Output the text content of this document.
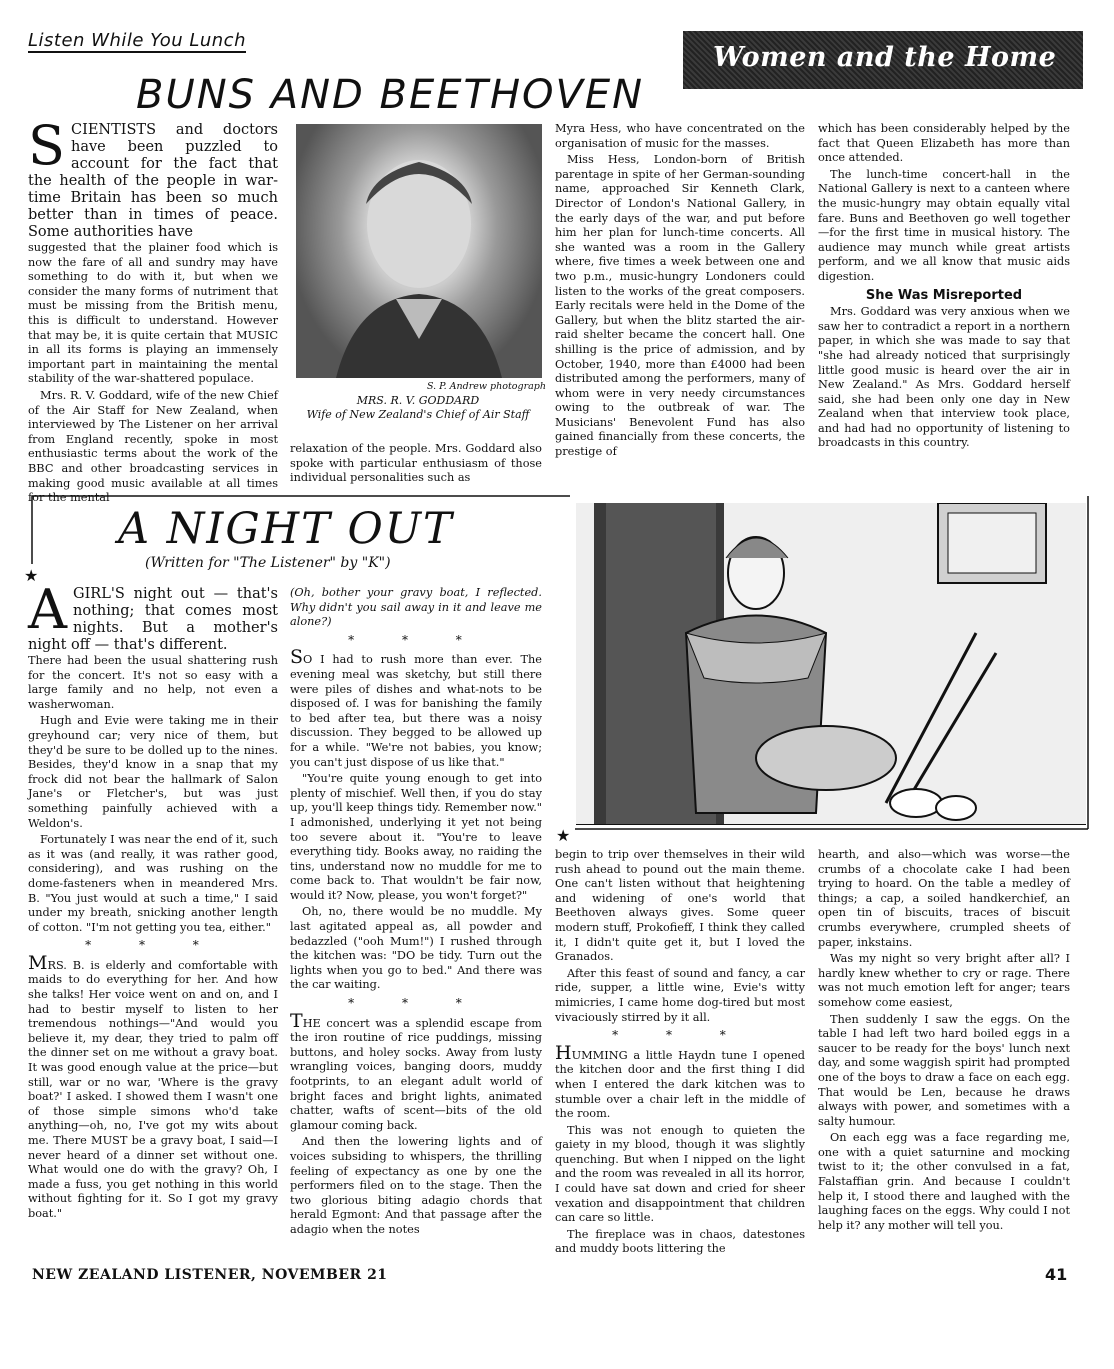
Listen While You Lunch
Women and the Home
BUNS AND BEETHOVEN
SCIENTISTS and doctors have been puzzled to account for the fact that the health of the people in war-time Britain has been so much better than in times of peace. Some authorities have

suggested that the plainer food which is now the fare of all and sundry may have something to do with it, but when we consider the many forms of nutriment that must be missing from the British menu, this is difficult to understand. However that may be, it is quite certain that MUSIC in all its forms is playing an immensely important part in maintaining the mental stability of the war-shattered populace.

Mrs. R. V. Goddard, wife of the new Chief of the Air Staff for New Zealand, when interviewed by The Listener on her arrival from England recently, spoke in most enthusiastic terms about the work of the BBC and other broadcasting services in making good music available at all times for the mental

S. P. Andrew photograph
MRS. R. V. GODDARD
Wife of New Zealand's Chief of Air Staff

relaxation of the people. Mrs. Goddard also spoke with particular enthusiasm of those individual personalities such as

Myra Hess, who have concentrated on the organisation of music for the masses.

Miss Hess, London-born of British parentage in spite of her German-sounding name, approached Sir Kenneth Clark, Director of London's National Gallery, in the early days of the war, and put before him her plan for lunch-time concerts. All she wanted was a room in the Gallery where, five times a week between one and two p.m., music-hungry Londoners could listen to the works of the great composers. Early recitals were held in the Dome of the Gallery, but when the blitz started the air-raid shelter became the concert hall. One shilling is the price of admission, and by October, 1940, more than £4000 had been distributed among the performers, many of whom were in very needy circumstances owing to the outbreak of war. The Musicians' Benevolent Fund has also gained financially from these concerts, the prestige of

which has been considerably helped by the fact that Queen Elizabeth has more than once attended.

The lunch-time concert-hall in the National Gallery is next to a canteen where the music-hungry may obtain equally vital fare. Buns and Beethoven go well together—for the first time in musical history. The audience may munch while great artists perform, and we all know that music aids digestion.

She Was Misreported

Mrs. Goddard was very anxious when we saw her to contradict a report in a northern paper, in which she was made to say that "she had already noticed that surprisingly little good music is heard over the air in New Zealand." As Mrs. Goddard herself said, she had been only one day in New Zealand when that interview took place, and had had no opportunity of listening to broadcasts in this country.

A NIGHT OUT
(Written for "The Listener" by "K")
★
★
AGIRL'S night out — that's nothing; that comes most nights. But a mother's night off — that's different.

There had been the usual shattering rush for the concert. It's not so easy with a large family and no help, not even a washerwoman.

Hugh and Evie were taking me in their greyhound car; very nice of them, but they'd be sure to be dolled up to the nines. Besides, they'd know in a snap that my frock did not bear the hallmark of Salon Jane's or Fletcher's, but was just something painfully achieved with a Weldon's.

Fortunately I was near the end of it, such as it was (and really, it was rather good, considering), and was rushing on the dome-fasteners when in meandered Mrs. B. "You just would at such a time," I said under my breath, snicking another length of cotton. "I'm not getting you tea, either."

* * *

MRS. B. is elderly and comfortable with maids to do everything for her. And how she talks! Her voice went on and on, and I had to bestir myself to listen to her tremendous nothings—"And would you believe it, my dear, they tried to palm off the dinner set on me without a gravy boat. It was good enough value at the price—but still, war or no war, 'Where is the gravy boat?' I asked. I showed them I wasn't one of those simple simons who'd take anything—oh, no, I've got my wits about me. There MUST be a gravy boat, I said—I never heard of a dinner set without one. What would one do with the gravy? Oh, I made a fuss, you get nothing in this world without fighting for it. So I got my gravy boat."

(Oh, bother your gravy boat, I reflected. Why didn't you sail away in it and leave me alone?)

* * *

SO I had to rush more than ever. The evening meal was sketchy, but still there were piles of dishes and what-nots to be disposed of. I was for banishing the family to bed after tea, but there was a noisy discussion. They begged to be allowed up for a while. "We're not babies, you know; you can't just dispose of us like that."

"You're quite young enough to get into plenty of mischief. Well then, if you do stay up, you'll keep things tidy. Remember now." I admonished, underlying it yet not being too severe about it. "You're to leave everything tidy. Books away, no raiding the tins, understand now no muddle for me to come back to. That wouldn't be fair now, would it? Now, please, you won't forget?"

Oh, no, there would be no muddle. My last agitated appeal as, all powder and bedazzled ("ooh Mum!") I rushed through the kitchen was: "DO be tidy. Turn out the lights when you go to bed." And there was the car waiting.

* * *

THE concert was a splendid escape from the iron routine of rice puddings, missing buttons, and holey socks. Away from lusty wrangling voices, banging doors, muddy footprints, to an elegant adult world of bright faces and bright lights, animated chatter, wafts of scent—bits of the old glamour coming back.

And then the lowering lights and of voices subsiding to whispers, the thrilling feeling of expectancy as one by one the performers filed on to the stage. Then the two glorious biting adagio chords that herald Egmont: And that passage after the adagio when the notes

begin to trip over themselves in their wild rush ahead to pound out the main theme. One can't listen without that heightening and widening of one's world that Beethoven always gives. Some queer modern stuff, Prokofieff, I think they called it, I didn't quite get it, but I loved the Granados.

After this feast of sound and fancy, a car ride, supper, a little wine, Evie's witty mimicries, I came home dog-tired but most vivaciously stirred by it all.

* * *

HUMMING a little Haydn tune I opened the kitchen door and the first thing I did when I entered the dark kitchen was to stumble over a chair left in the middle of the room.

This was not enough to quieten the gaiety in my blood, though it was slightly quenching. But when I nipped on the light and the room was revealed in all its horror, I could have sat down and cried for sheer vexation and disappointment that children can care so little.

The fireplace was in chaos, datestones and muddy boots littering the

hearth, and also—which was worse—the crumbs of a chocolate cake I had been trying to hoard. On the table a medley of things; a cap, a soiled handkerchief, an open tin of biscuits, traces of biscuit crumbs everywhere, crumpled sheets of paper, inkstains.

Was my night so very bright after all? I hardly knew whether to cry or rage. There was not much emotion left for anger; tears somehow come easiest,

Then suddenly I saw the eggs. On the table I had left two hard boiled eggs in a saucer to be ready for the boys' lunch next day, and some waggish spirit had prompted one of the boys to draw a face on each egg. That would be Len, because he draws always with power, and sometimes with a salty humour.

On each egg was a face regarding me, one with a quiet saturnine and mocking twist to it; the other convulsed in a fat, Falstaffian grin. And because I couldn't help it, I stood there and laughed with the laughing faces on the eggs. Why could I not help it? any mother will tell you.

NEW ZEALAND LISTENER, NOVEMBER 21	41
